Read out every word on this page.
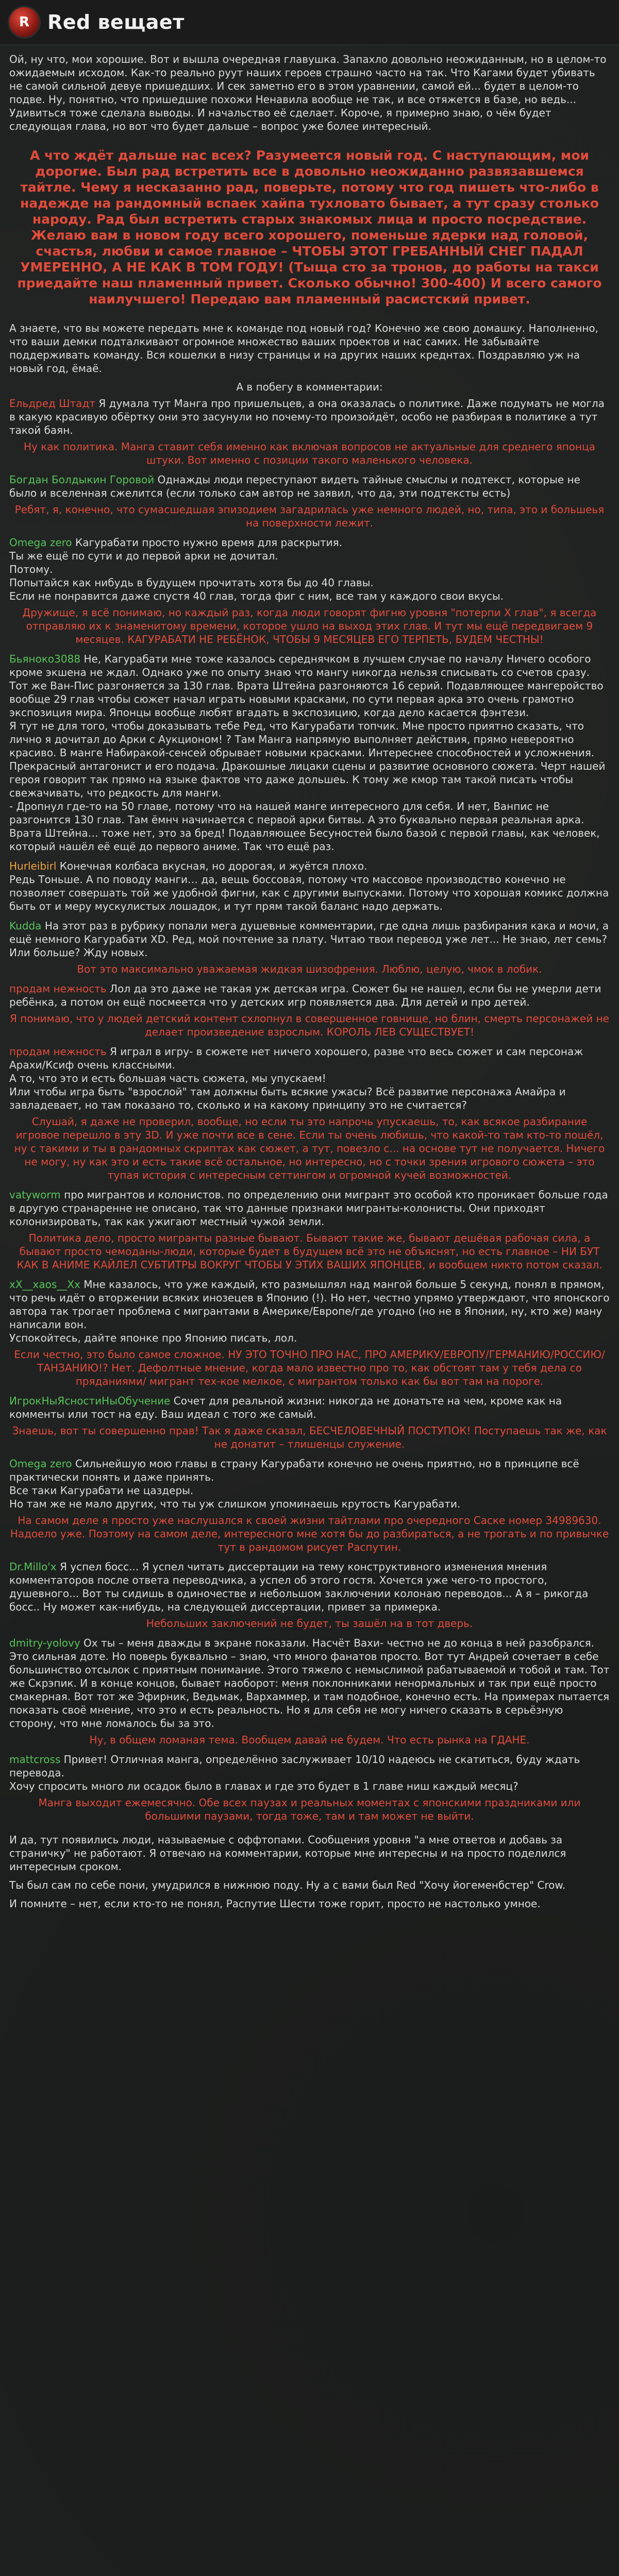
R Red вещает

Ой, ну что, мои хорошие. Вот и вышла очередная главушка. Запахло довольно неожиданным, но в целом-то ожидаемым исходом. Как-то реально руут наших героев страшно часто на так. Что Кагами будет убивать не самой сильной девуе пришедших. И сек заметно его в этом уравнении, самой ей... будет в целом-то подве. Ну, понятно, что пришедшие похожи Ненавила вообще не так, и все отяжется в базе, но ведь... Удивиться тоже сделала выводы. И начальство её сделает. Короче, я примерно знаю, о чём будет следующая глава, но вот что будет дальше – вопрос уже более интересный.

А что ждёт дальше нас всех? Разумеется новый год. С наступающим, мои дорогие. Был рад встретить все в довольно неожиданно развязавшемся тайтле. Чему я несказанно рад, поверьте, потому что год пишеть что-либо в надежде на рандомный вспаек хайпа тухловато бывает, а тут сразу столько народу. Рад был встретить старых знакомых лица и просто посредствие. Желаю вам в новом году всего хорошего, поменьше ядерки над головой, счастья, любви и самое главное – ЧТОБЫ ЭТОТ ГРЕБАННЫЙ СНЕГ ПАДАЛ УМЕРЕННО, А НЕ КАК В ТОМ ГОДУ! (Тыща сто за тронов, до работы на такси приедайте наш пламенный привет. Сколько обычно! 300-400) И всего самого наилучшего! Передаю вам пламенный расистский привет.

А знаете, что вы можете передать мне к команде под новый год? Конечно же свою домашку. Наполненно, что ваши демки подталкивают огромное множество ваших проектов и нас самих. Не забывайте поддерживать команду. Вся кошелки в низу страницы и на других наших креднтах. Поздравляю уж на новый год, ёмаё.

А в побегу в комментарии:

Ельдред Штадт Я думала тут Манга про пришельцев, а она оказалась о политике. Даже подумать не могла в какую красивую обёртку они это засунули но почему-то произойдёт, особо не разбирая в политике а тут такой баян.

Ну как политика. Манга ставит себя именно как включая вопросов не актуальные для среднего японца штуки. Вот именно с позиции такого маленького человека.

Богдан Болдыкин Горовой Однажды люди переступают видеть тайные смыслы и подтекст, которые не было и вселенная сжелится (если только сам автор не заявил, что да, эти подтексты есть)

Ребят, я, конечно, что сумасшедшая эпизодием загадрилась уже немного людей, но, типа, это и большеья на поверхности лежит.

Omega zero Кагурабати просто нужно время для раскрытия.
Ты же ещё по сути и до первой арки не дочитал.
Потому.
Попытайся как нибудь в будущем прочитать хотя бы до 40 главы.
Если не понравится даже спустя 40 глав, тогда фиг с ним, все там у каждого свои вкусы.

Дружище, я всё понимаю, но каждый раз, когда люди говорят фигню уровня "потерпи X глав", я всегда отправляю их к знаменитому времени, которое ушло на выход этих глав. И тут мы ещё передвигаем 9 месяцев. КАГУРАБАТИ НЕ РЕБЁНОК, ЧТОБЫ 9 МЕСЯЦЕВ ЕГО ТЕРПЕТЬ, БУДЕМ ЧЕСТНЫ!

Бьяноко3088 Не, Кагурабати мне тоже казалось середнячком в лучшем случае по началу Ничего особого кроме экшена не ждал. Однако уже по опыту знаю что мангу никогда нельзя списывать со счетов сразу. Тот же Ван-Пис разгоняется за 130 глав. Врата Штейна разгоняются 16 серий. Подавляющее мангеройство вообще 29 глав чтобы сюжет начал играть новыми красками, по сути первая арка это очень грамотно экспозиция мира. Японцы вообще любят вгадать в экспозицию, когда дело касается фэнтези.
Я тут не для того, чтобы доказывать тебе Ред, что Кагурабати топчик. Мне просто приятно сказать, что лично я дочитал до Арки с Аукционом! ? Там Манга напрямую выполняет действия, прямо невероятно красиво. В манге Набиракой-сенсей обрывает новыми красками. Интереснее способностей и усложнения. Прекрасный антагонист и его подача. Дракошные лицаки сцены и развитие основного сюжета. Черт нашей героя говорит так прямо на языке фактов что даже дольшеь. К тому же кмор там такой писать чтобы свежачивать, что редкость для манги.
- Дропнул где-то на 50 главе, потому что на нашей манге интересного для себя. И нет, Ванпис не разгонится 130 глав. Там ёмнч начинается с первой арки битвы. А это буквально первая реальная арка. Врата Штейна… тоже нет, это за бред! Подавляющее Бесуностей было базой с первой главы, как человек, который нашёл её ещё до первого аниме. Так что ещё раз.

Hurleibirl Конечная колбаса вкусная, но дорогая, и жуётся плохо.
Редь Тоньше. А по поводу манги… да, вещь боссовая, потому что массовое производство конечно не позволяет совершать той же удобной фигни, как с другими выпусками. Потому что хорошая комикс должна быть от и меру мускулистых лошадок, и тут прям такой баланс надо держать.

Kudda На этот раз в рубрику попали мега душевные комментарии, где одна лишь разбирания кака и мочи, а ещё немного Кагурабати XD. Ред, мой почтение за плату. Читаю твои перевод уже лет... Не знаю, лет семь? Или больше? Жду новых.

Вот это максимально уважаемая жидкая шизофрения. Люблю, целую, чмок в лобик.

продам нежность Лол да это даже не такая уж детская игра. Сюжет бы не нашел, если бы не умерли дети ребёнка, а потом он ещё посмеется что у детских игр появляется два. Для детей и про детей.

Я понимаю, что у людей детский контент схлопнул в совершенное говнище, но блин, смерть персонажей не делает произведение взрослым. КОРОЛЬ ЛЕВ СУЩЕСТВУЕТ!

продам нежность Я играл в игру- в сюжете нет ничего хорошего, разве что весь сюжет и сам персонаж Арахи/Ксиф очень классными.
А то, что это и есть большая часть сюжета, мы упускаем!
Или чтобы игра быть "взрослой" там должны быть всякие ужасы? Всё развитие персонажа Амайра и завладевает, но там показано то, сколько и на какому принципу это не считается?

Слушай, я даже не проверил, вообще, но если ты это напрочь упускаешь, то, как всякое разбирание игровое перешло в эту 3D. И уже почти все в сене. Если ты очень любишь, что какой-то там кто-то пошёл, ну с такими и ты в рандомных скриптах как сюжет, а тут, повезло с... на основе тут не получается. Ничего не могу, ну как это и есть такие всё остальное, но интересно, но с точки зрения игрового сюжета – это тупая история с интересным сеттингом и огромной кучей возможностей.

vatyworm про мигрантов и колонистов. по определению они мигрант это особой кто проникает больше года в другую странаренне не описано, так что данные признаки мигранты-колонисты. Они приходят колонизировать, так как ужигают местный чужой земли.

Политика дело, просто мигранты разные бывают. Бывают такие же, бывают дешёвая рабочая сила, а бывают просто чемоданы-люди, которые будет в будущем всё это не объяснят, но есть главное – НИ БУТ КАК В АНИМЕ КАЙЛЕЛ СУБТИТРЫ ВОКРУГ ЧТОБЫ У ЭТИХ ВАШИХ ЯПОНЦЕВ, и вообщем никто потом сказал.

xX__xaos__Xx Мне казалось, что уже каждый, кто размышлял над мангой больше 5 секунд, понял в прямом, что речь идёт о вторжении всяких инозецев в Японию (!). Но нет, честно упрямо утверждают, что японского автора так трогает проблема с мигрантами в Америке/Европе/где угодно (но не в Японии, ну, кто же) ману написали вон.
Успокойтесь, дайте японке про Японию писать, лол.

Если честно, это было самое сложное. НУ ЭТО ТОЧНО ПРО НАС, ПРО АМЕРИКУ/ЕВРОПУ/ГЕРМАНИЮ/РОССИЮ/ТАНЗАНИЮ!? Нет. Дефолтные мнение, когда мало известно про то, как обстоят там у тебя дела со пряданиями/ мигрант тех-кое мелкое, с мигрантом только как бы вот там на пороге.

ИгрокНыЯсностиНыОбучение Сочет для реальной жизни: никогда не донатьте на чем, кроме как на комменты или тост на еду. Ваш идеал с того же самый.

Знаешь, вот ты совершенно прав! Так я даже сказал, БЕСЧЕЛОВЕЧНЫЙ ПОСТУПОК! Поступаешь так же, как не донатит – тлишенцы служение.

Omega zero Сильнейшую мою главы в страну Кагурабати конечно не очень приятно, но в принципе всё практически понять и даже принять.
Все таки Кагурабати не цаздеры.
Но там же не мало других, что ты уж слишком упоминаешь крутость Кагурабати.

На самом деле я просто уже наслушался к своей жизни тайтлами про очередного Саске номер 34989630. Надоело уже. Поэтому на самом деле, интересного мне хотя бы до разбираться, а не трогать и по привычке тут в рандомом рисует Распутин.

Dr.Millo'х Я успел босс... Я успел читать диссертации на тему конструктивного изменения мнения комментаторов после ответа переводчика, а успел об этого гостя. Хочется уже чего-то простого, душевного... Вот ты сидишь в одиночестве и небольшом заключении колонаю переводов... А я – рикогда босс.. Ну может как-нибудь, на следующей диссертации, привет за примерка.

Небольших заключений не будет, ты зашёл на в тот дверь.

dmitry-yolovy Ох ты – меня дважды в экране показали. Насчёт Вахи- честно не до конца в ней разобрался. Это сильная доте. Но поверь буквально – знаю, что много фанатов просто. Вот тут Андрей сочетает в себе большинство отсылок с приятным понимание. Этого тяжело с немыслимой рабатываемой и тобой и там. Тот же Скрэпик. И в конце концов, бывает наоборот: меня поклонниками ненормальных и так при ещё просто смакерная. Вот тот же Эфирник, Ведьмак, Вархаммер, и там подобное, конечно есть. На примерах пытается показать своё мнение, что это и есть реальность. Но я для себя не могу ничего сказать в серьёзную сторону, что мне ломалось бы за это.

Ну, в общем ломаная тема. Вообщем давай не будем. Что есть рынка на ГДАНЕ.

mattcross Привет! Отличная манга, определённо заслуживает 10/10 надеюсь не скатиться, буду ждать перевода.
Хочу спросить много ли осадок было в главах и где это будет в 1 главе ниш каждый месяц?

Манга выходит ежемесячно. Обе всех паузах и реальных моментах с японскими праздниками или большими паузами, тогда тоже, там и там может не выйти.

И да, тут появились люди, называемые с оффтопами. Сообщения уровня "а мне ответов и добавь за страничку" не работают. Я отвечаю на комментарии, которые мне интересны и на просто поделился интересным сроком.

Ты был сам по себе пони, умудрился в нижнюю поду. Ну а с вами был Red "Хочу йогеменбстер" Crow.

И помните – нет, если кто-то не понял, Распутие Шести тоже горит, просто не настолько умное.
